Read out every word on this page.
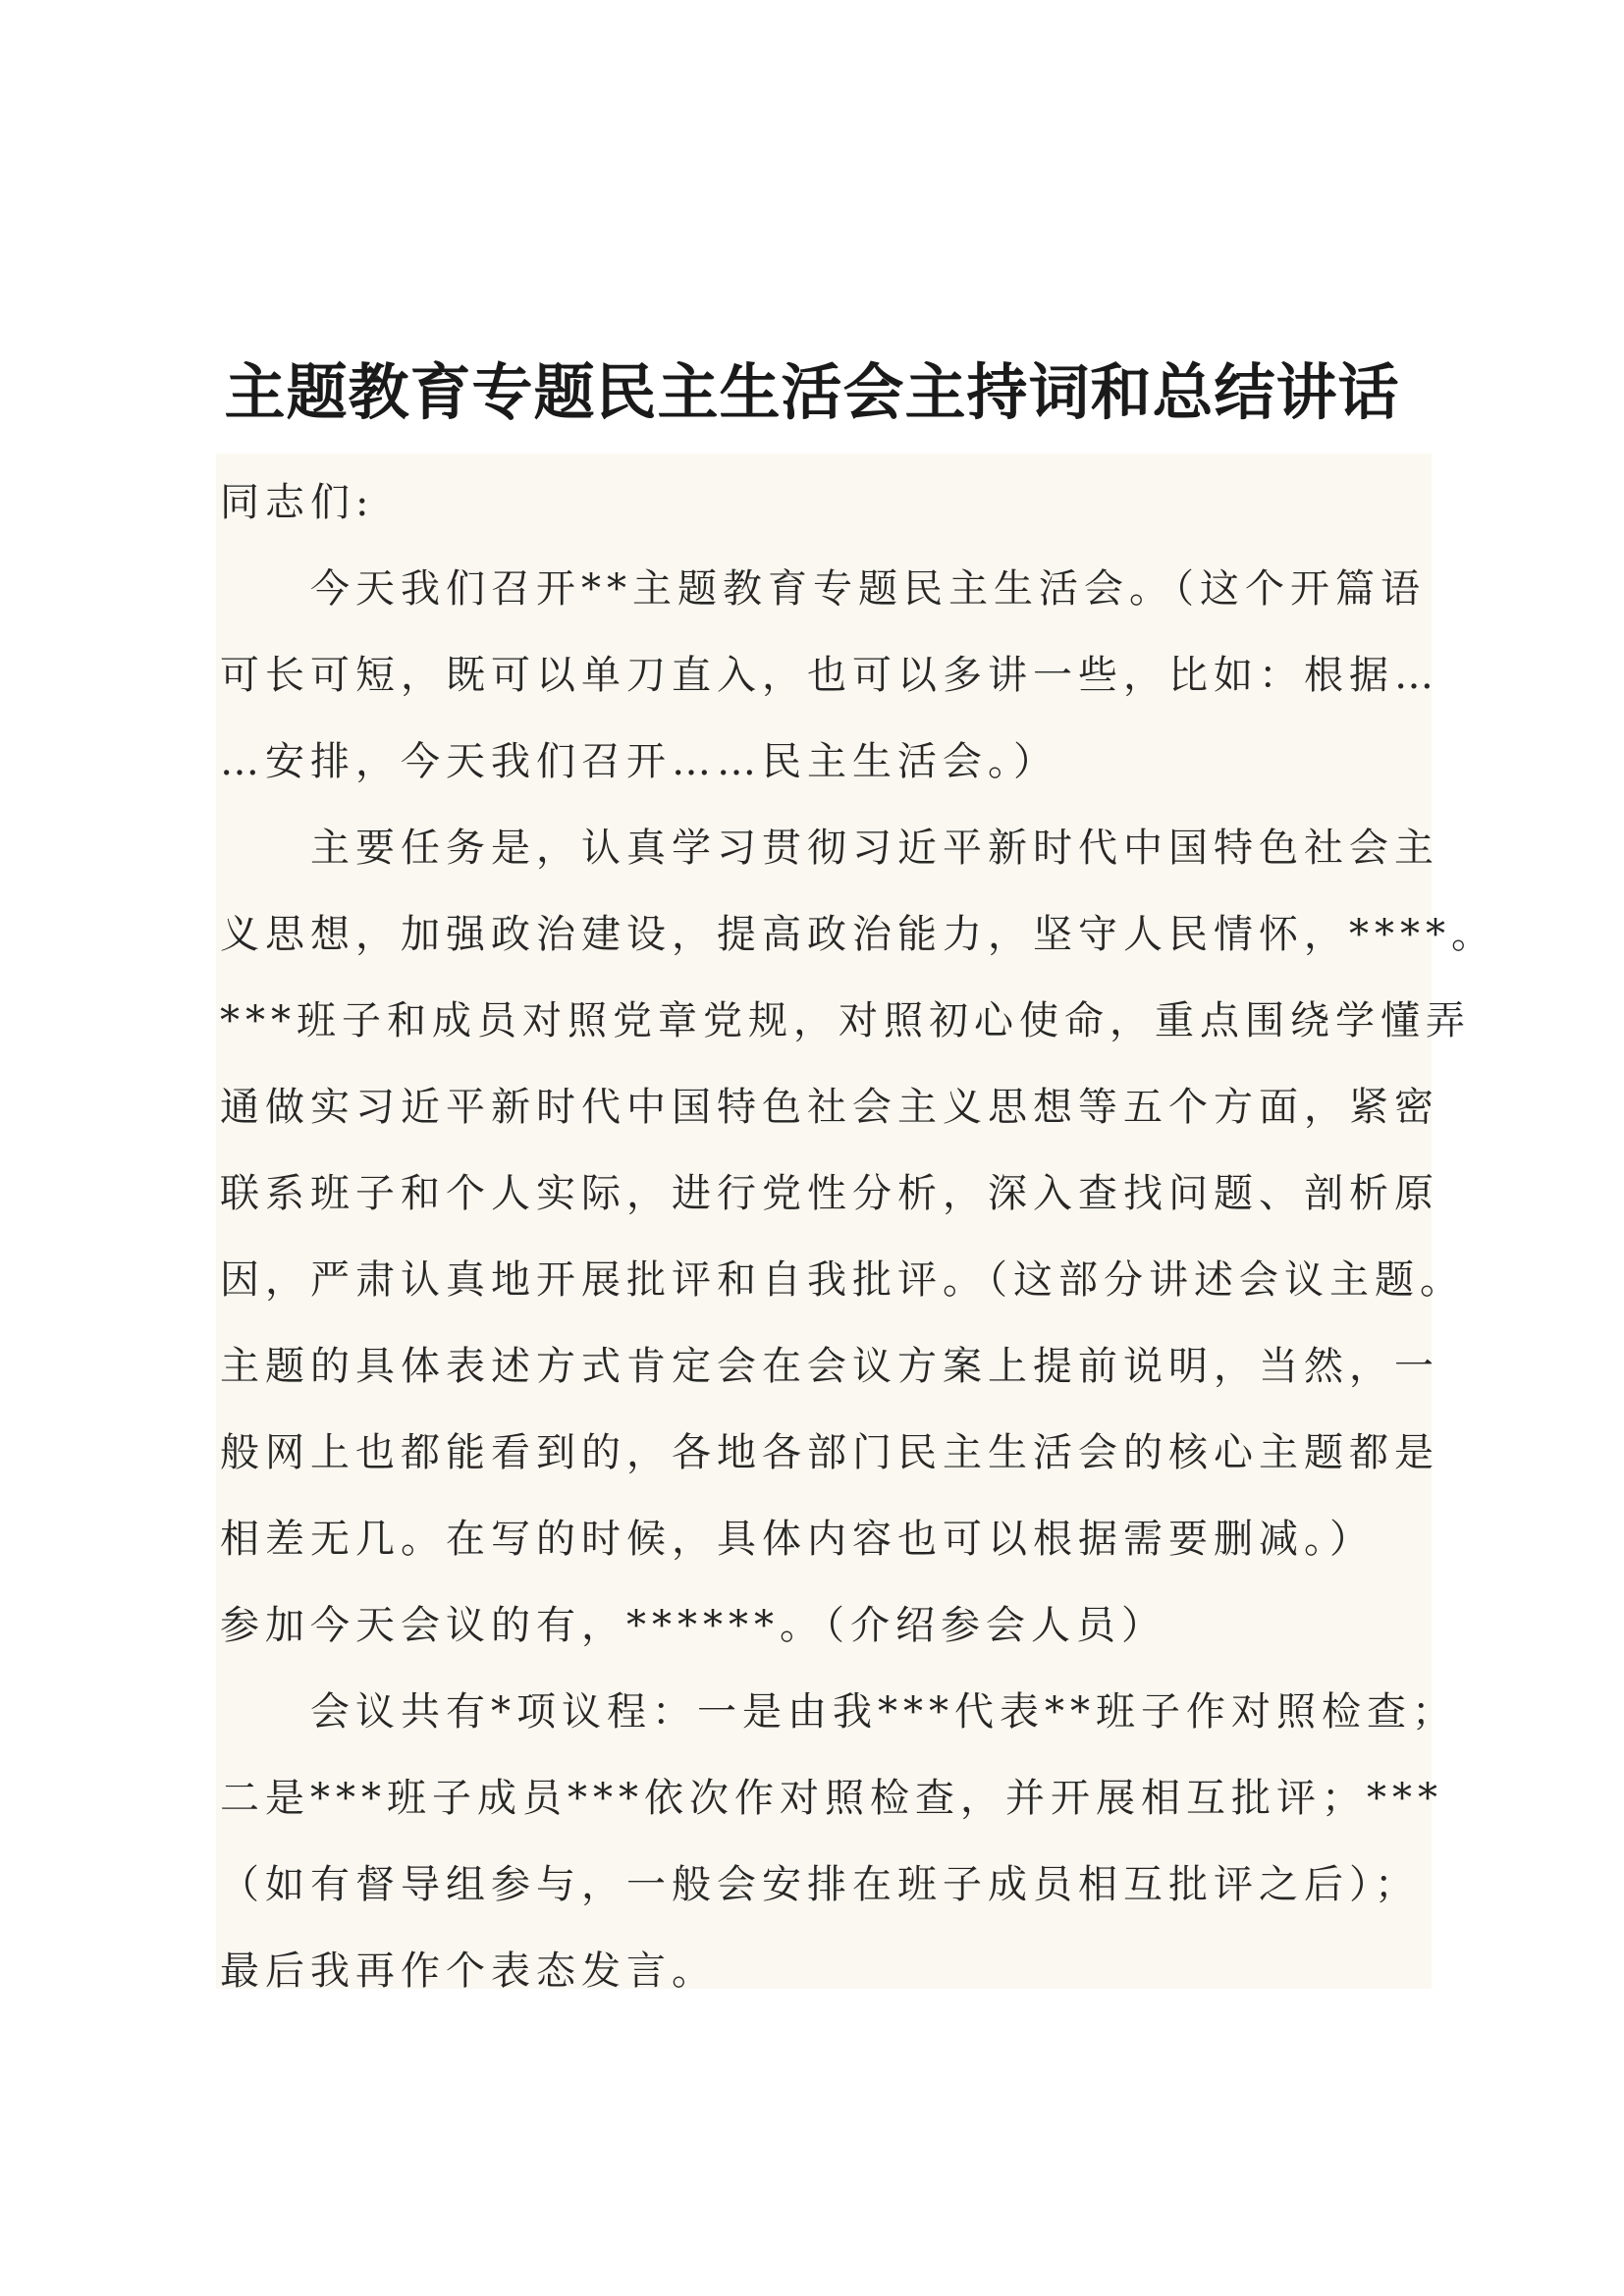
主题教育专题民主生活会主持词和总结讲话
同志们:
　　今天我们召开**主题教育专题民主生活会。（这个开篇语
可长可短，既可以单刀直入，也可以多讲一些，比如：根据…
…安排，今天我们召开……民主生活会。）
　　主要任务是，认真学习贯彻习近平新时代中国特色社会主
义思想，加强政治建设，提高政治能力，坚守人民情怀，****。
***班子和成员对照党章党规，对照初心使命，重点围绕学懂弄
通做实习近平新时代中国特色社会主义思想等五个方面，紧密
联系班子和个人实际，进行党性分析，深入查找问题、剖析原
因，严肃认真地开展批评和自我批评。（这部分讲述会议主题。
主题的具体表述方式肯定会在会议方案上提前说明，当然，一
般网上也都能看到的，各地各部门民主生活会的核心主题都是
相差无几。在写的时候，具体内容也可以根据需要删减。）
参加今天会议的有，******。（介绍参会人员）
　　会议共有*项议程：一是由我***代表**班子作对照检查；
二是***班子成员***依次作对照检查，并开展相互批评；***
（如有督导组参与，一般会安排在班子成员相互批评之后）；
最后我再作个表态发言。
